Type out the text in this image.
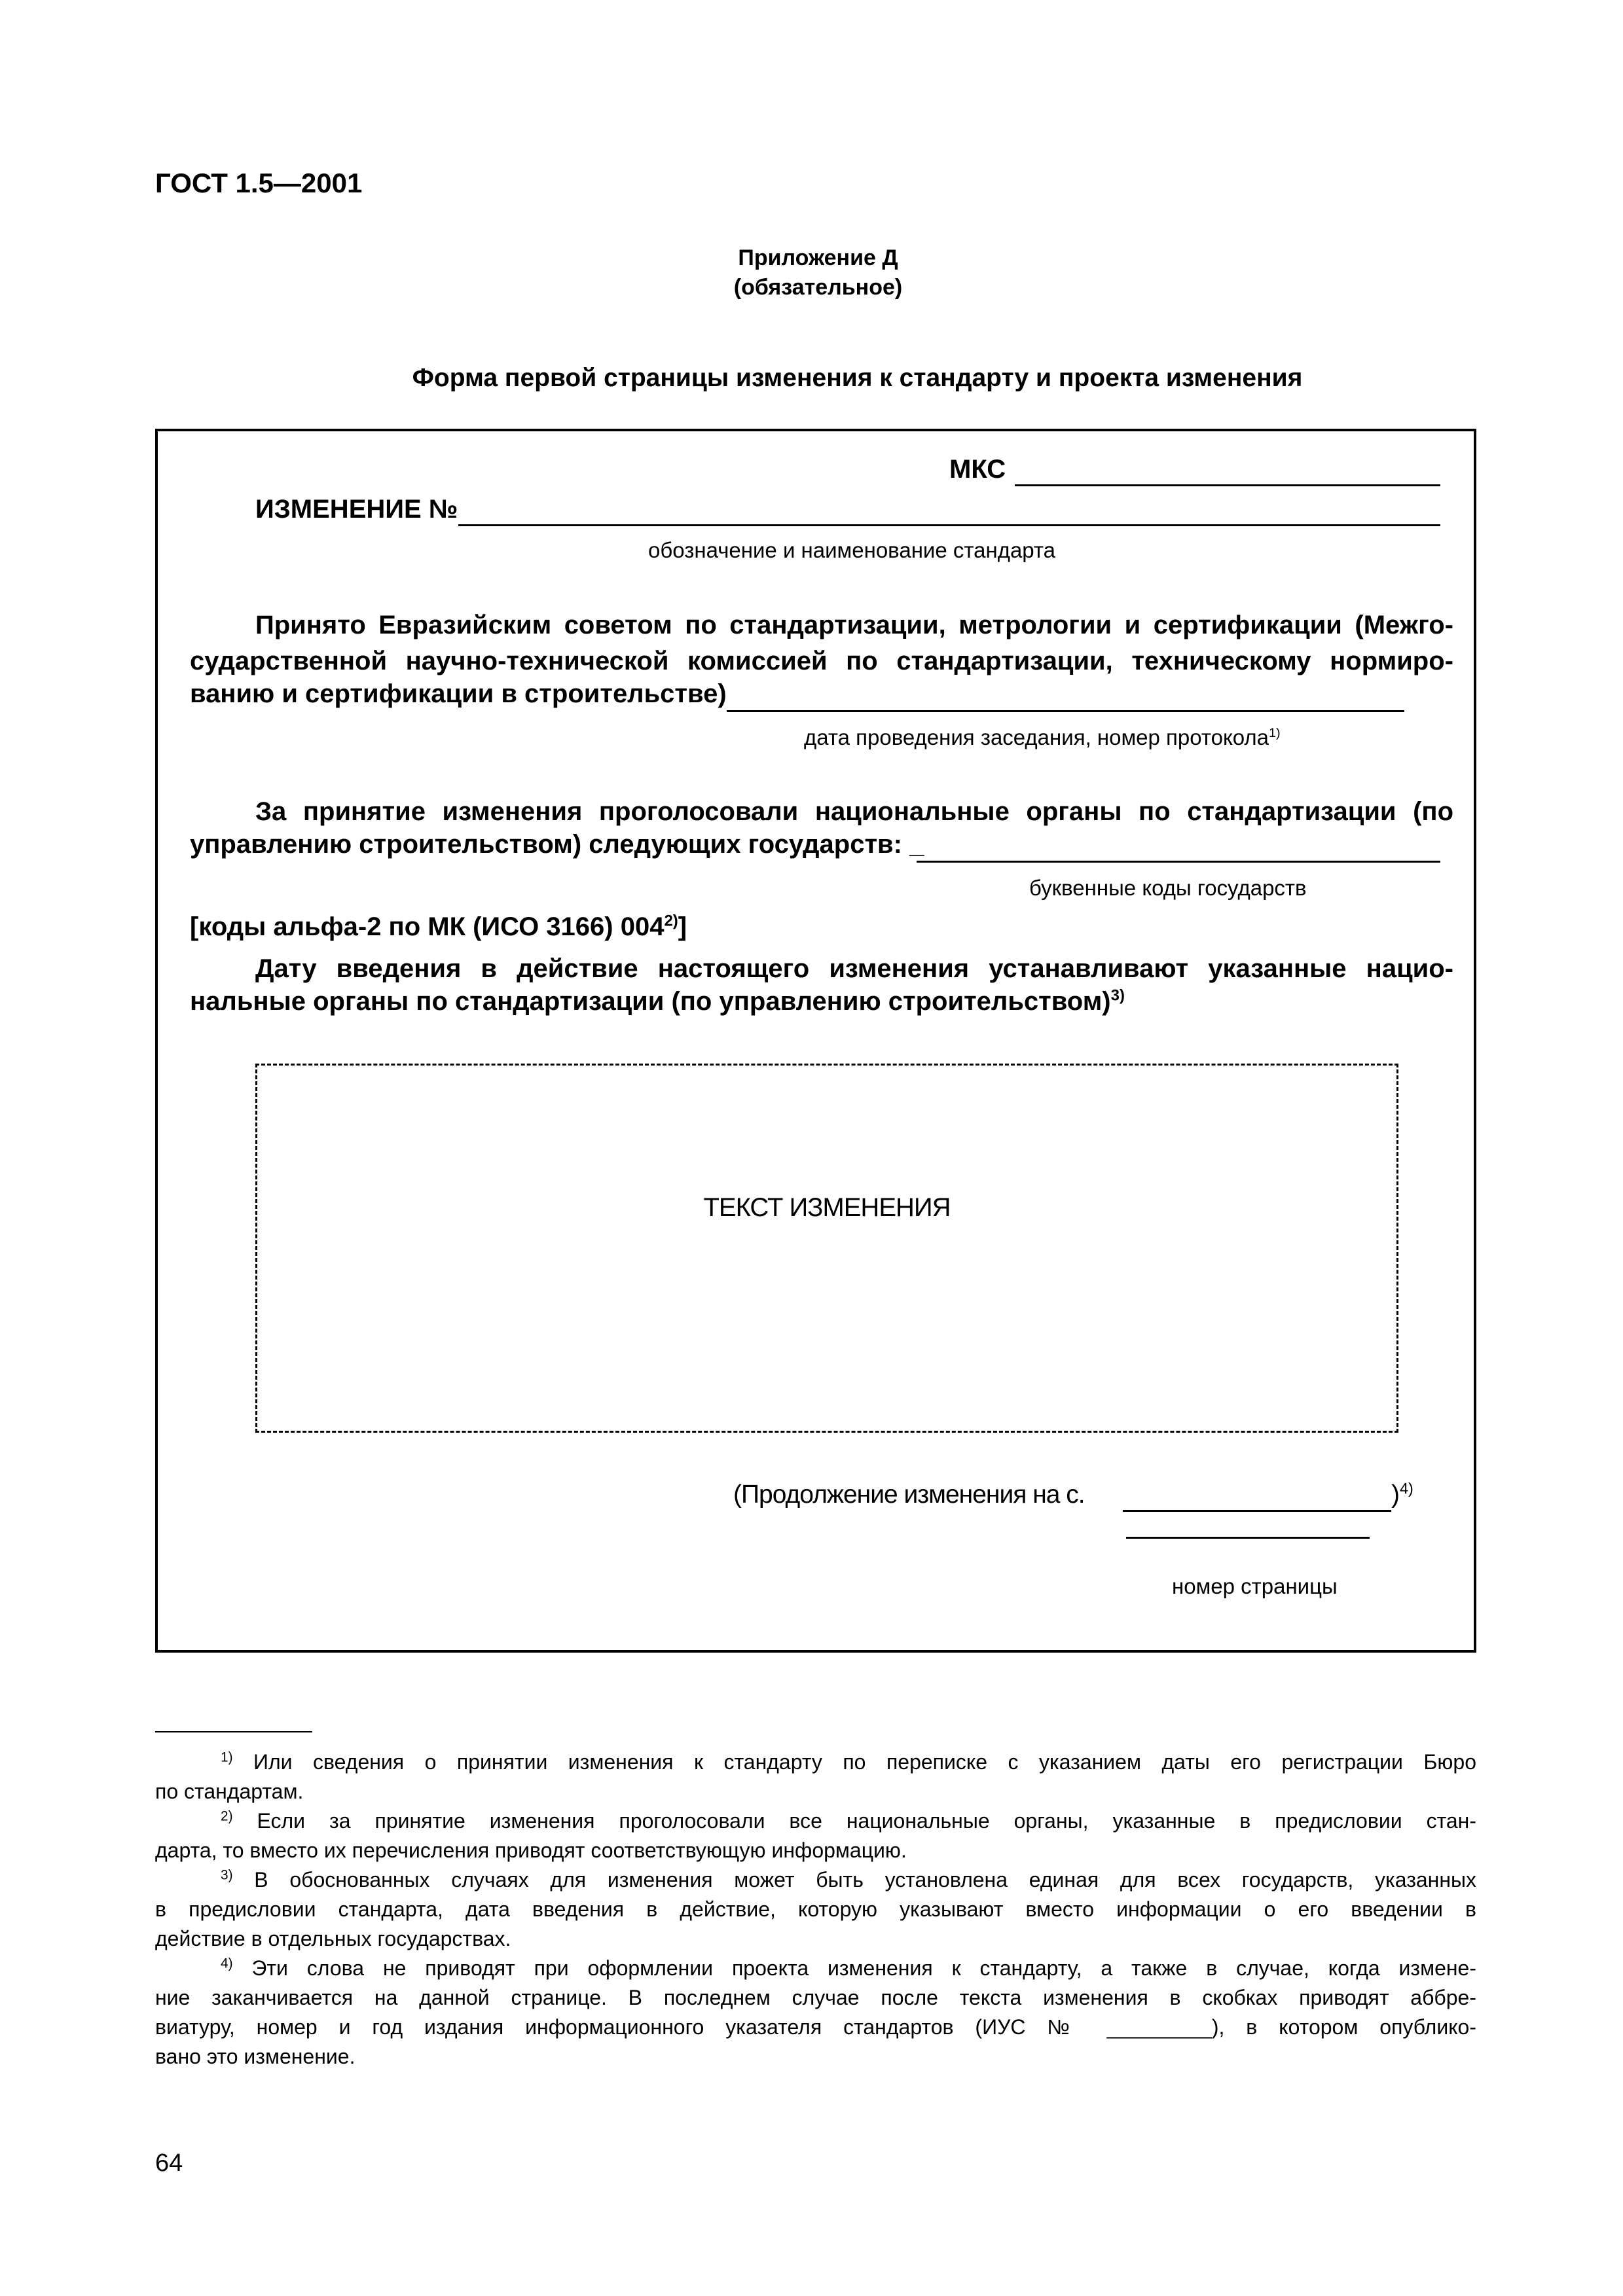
ГОСТ 1.5—2001
Приложение Д
(обязательное)
Форма первой страницы изменения к стандарту и проекта изменения
МКС
ИЗМЕНЕНИЕ №
обозначение и наименование стандарта
Принято Евразийским советом по стандартизации, метрологии и сертификации (Межго-
сударственной научно-технической комиссией по стандартизации, техническому нормиро-
ванию и сертификации в строительстве)
дата проведения заседания, номер протокола$^{1)}$
За принятие изменения проголосовали национальные органы по стандартизации (по
управлению строительством) следующих государств: _
буквенные коды государств
[коды альфа-2 по МК (ИСО 3166) 004$^{2)}$]
Дату введения в действие настоящего изменения устанавливают указанные нацио-
нальные органы по стандартизации (по управлению строительством)$^{3)}$
ТЕКСТ ИЗМЕНЕНИЯ
(Продолжение изменения на с.	)$^{4)}$
номер страницы
$^{1)}$ Или сведения о принятии изменения к стандарту по переписке с указанием даты его регистрации Бюро
по стандартам.
$^{2)}$ Если за принятие изменения проголосовали все национальные органы, указанные в предисловии стан-
дарта, то вместо их перечисления приводят соответствующую информацию.
$^{3)}$ В обоснованных случаях для изменения может быть установлена единая для всех государств, указанных
в предисловии стандарта, дата введения в действие, которую указывают вместо информации о его введении в
действие в отдельных государствах.
$^{4)}$ Эти слова не приводят при оформлении проекта изменения к стандарту, а также в случае, когда измене-
ние заканчивается на данной странице. В последнем случае после текста изменения в скобках приводят аббре-
виатуру, номер и год издания информационного указателя стандартов (ИУС № _________), в котором опублико-
вано это изменение.
64
